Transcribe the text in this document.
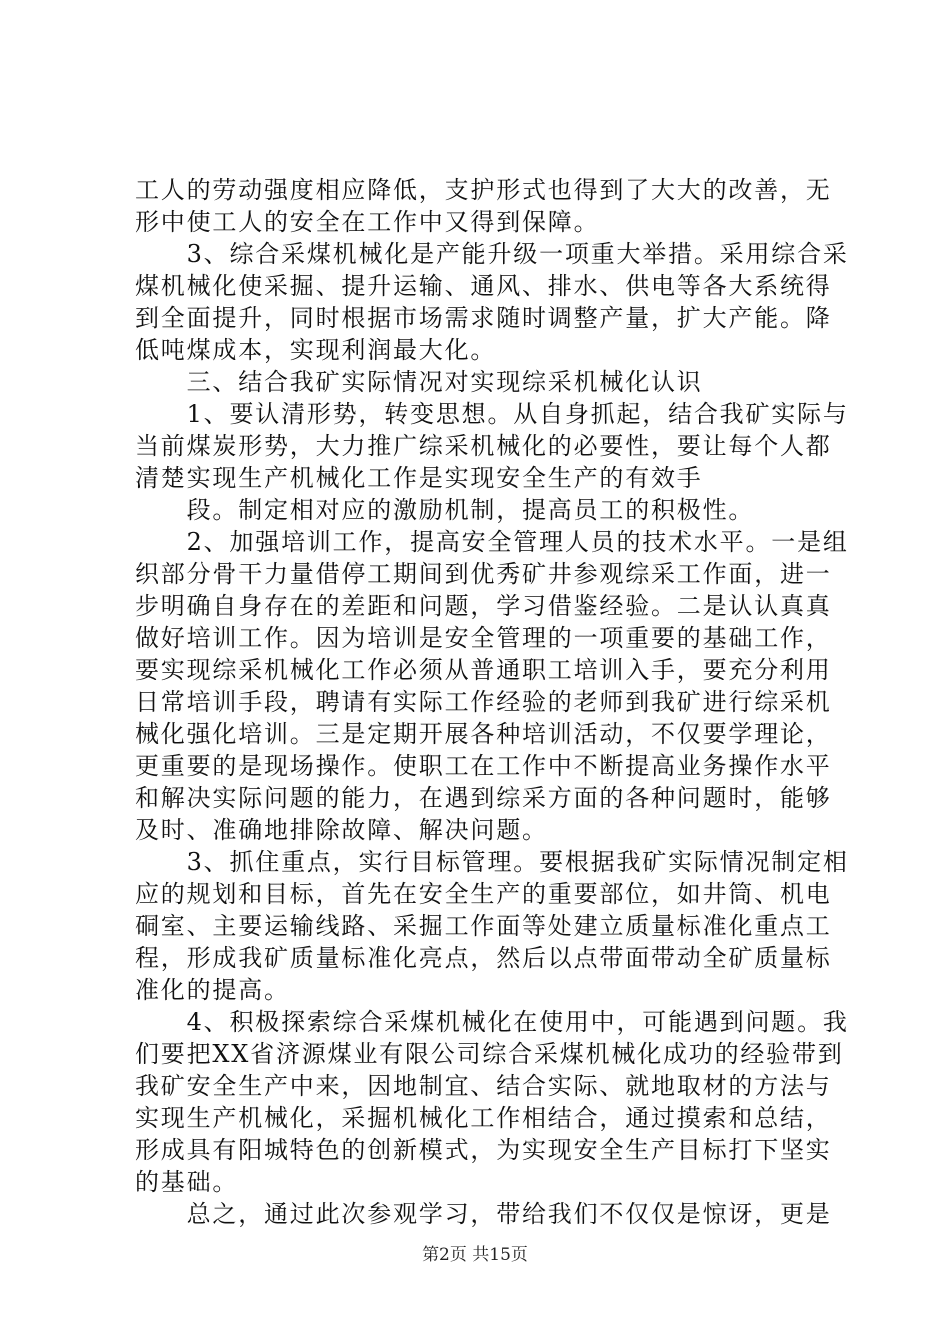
工人的劳动强度相应降低，支护形式也得到了大大的改善，无
形中使工人的安全在工作中又得到保障。
　　3、综合采煤机械化是产能升级一项重大举措。采用综合采
煤机械化使采掘、提升运输、通风、排水、供电等各大系统得
到全面提升，同时根据市场需求随时调整产量，扩大产能。降
低吨煤成本，实现利润最大化。
　　三、结合我矿实际情况对实现综采机械化认识
　　1、要认清形势，转变思想。从自身抓起，结合我矿实际与
当前煤炭形势，大力推广综采机械化的必要性，要让每个人都
清楚实现生产机械化工作是实现安全生产的有效手
　　段。制定相对应的激励机制，提高员工的积极性。
　　2、加强培训工作，提高安全管理人员的技术水平。一是组
织部分骨干力量借停工期间到优秀矿井参观综采工作面，进一
步明确自身存在的差距和问题，学习借鉴经验。二是认认真真
做好培训工作。因为培训是安全管理的一项重要的基础工作，
要实现综采机械化工作必须从普通职工培训入手，要充分利用
日常培训手段，聘请有实际工作经验的老师到我矿进行综采机
械化强化培训。三是定期开展各种培训活动，不仅要学理论，
更重要的是现场操作。使职工在工作中不断提高业务操作水平
和解决实际问题的能力，在遇到综采方面的各种问题时，能够
及时、准确地排除故障、解决问题。
　　3、抓住重点，实行目标管理。要根据我矿实际情况制定相
应的规划和目标，首先在安全生产的重要部位，如井筒、机电
硐室、主要运输线路、采掘工作面等处建立质量标准化重点工
程，形成我矿质量标准化亮点，然后以点带面带动全矿质量标
准化的提高。
　　4、积极探索综合采煤机械化在使用中，可能遇到问题。我
们要把XX省济源煤业有限公司综合采煤机械化成功的经验带到
我矿安全生产中来，因地制宜、结合实际、就地取材的方法与
实现生产机械化，采掘机械化工作相结合，通过摸索和总结，
形成具有阳城特色的创新模式，为实现安全生产目标打下坚实
的基础。
　　总之，通过此次参观学习，带给我们不仅仅是惊讶，更是
第2页 共15页
